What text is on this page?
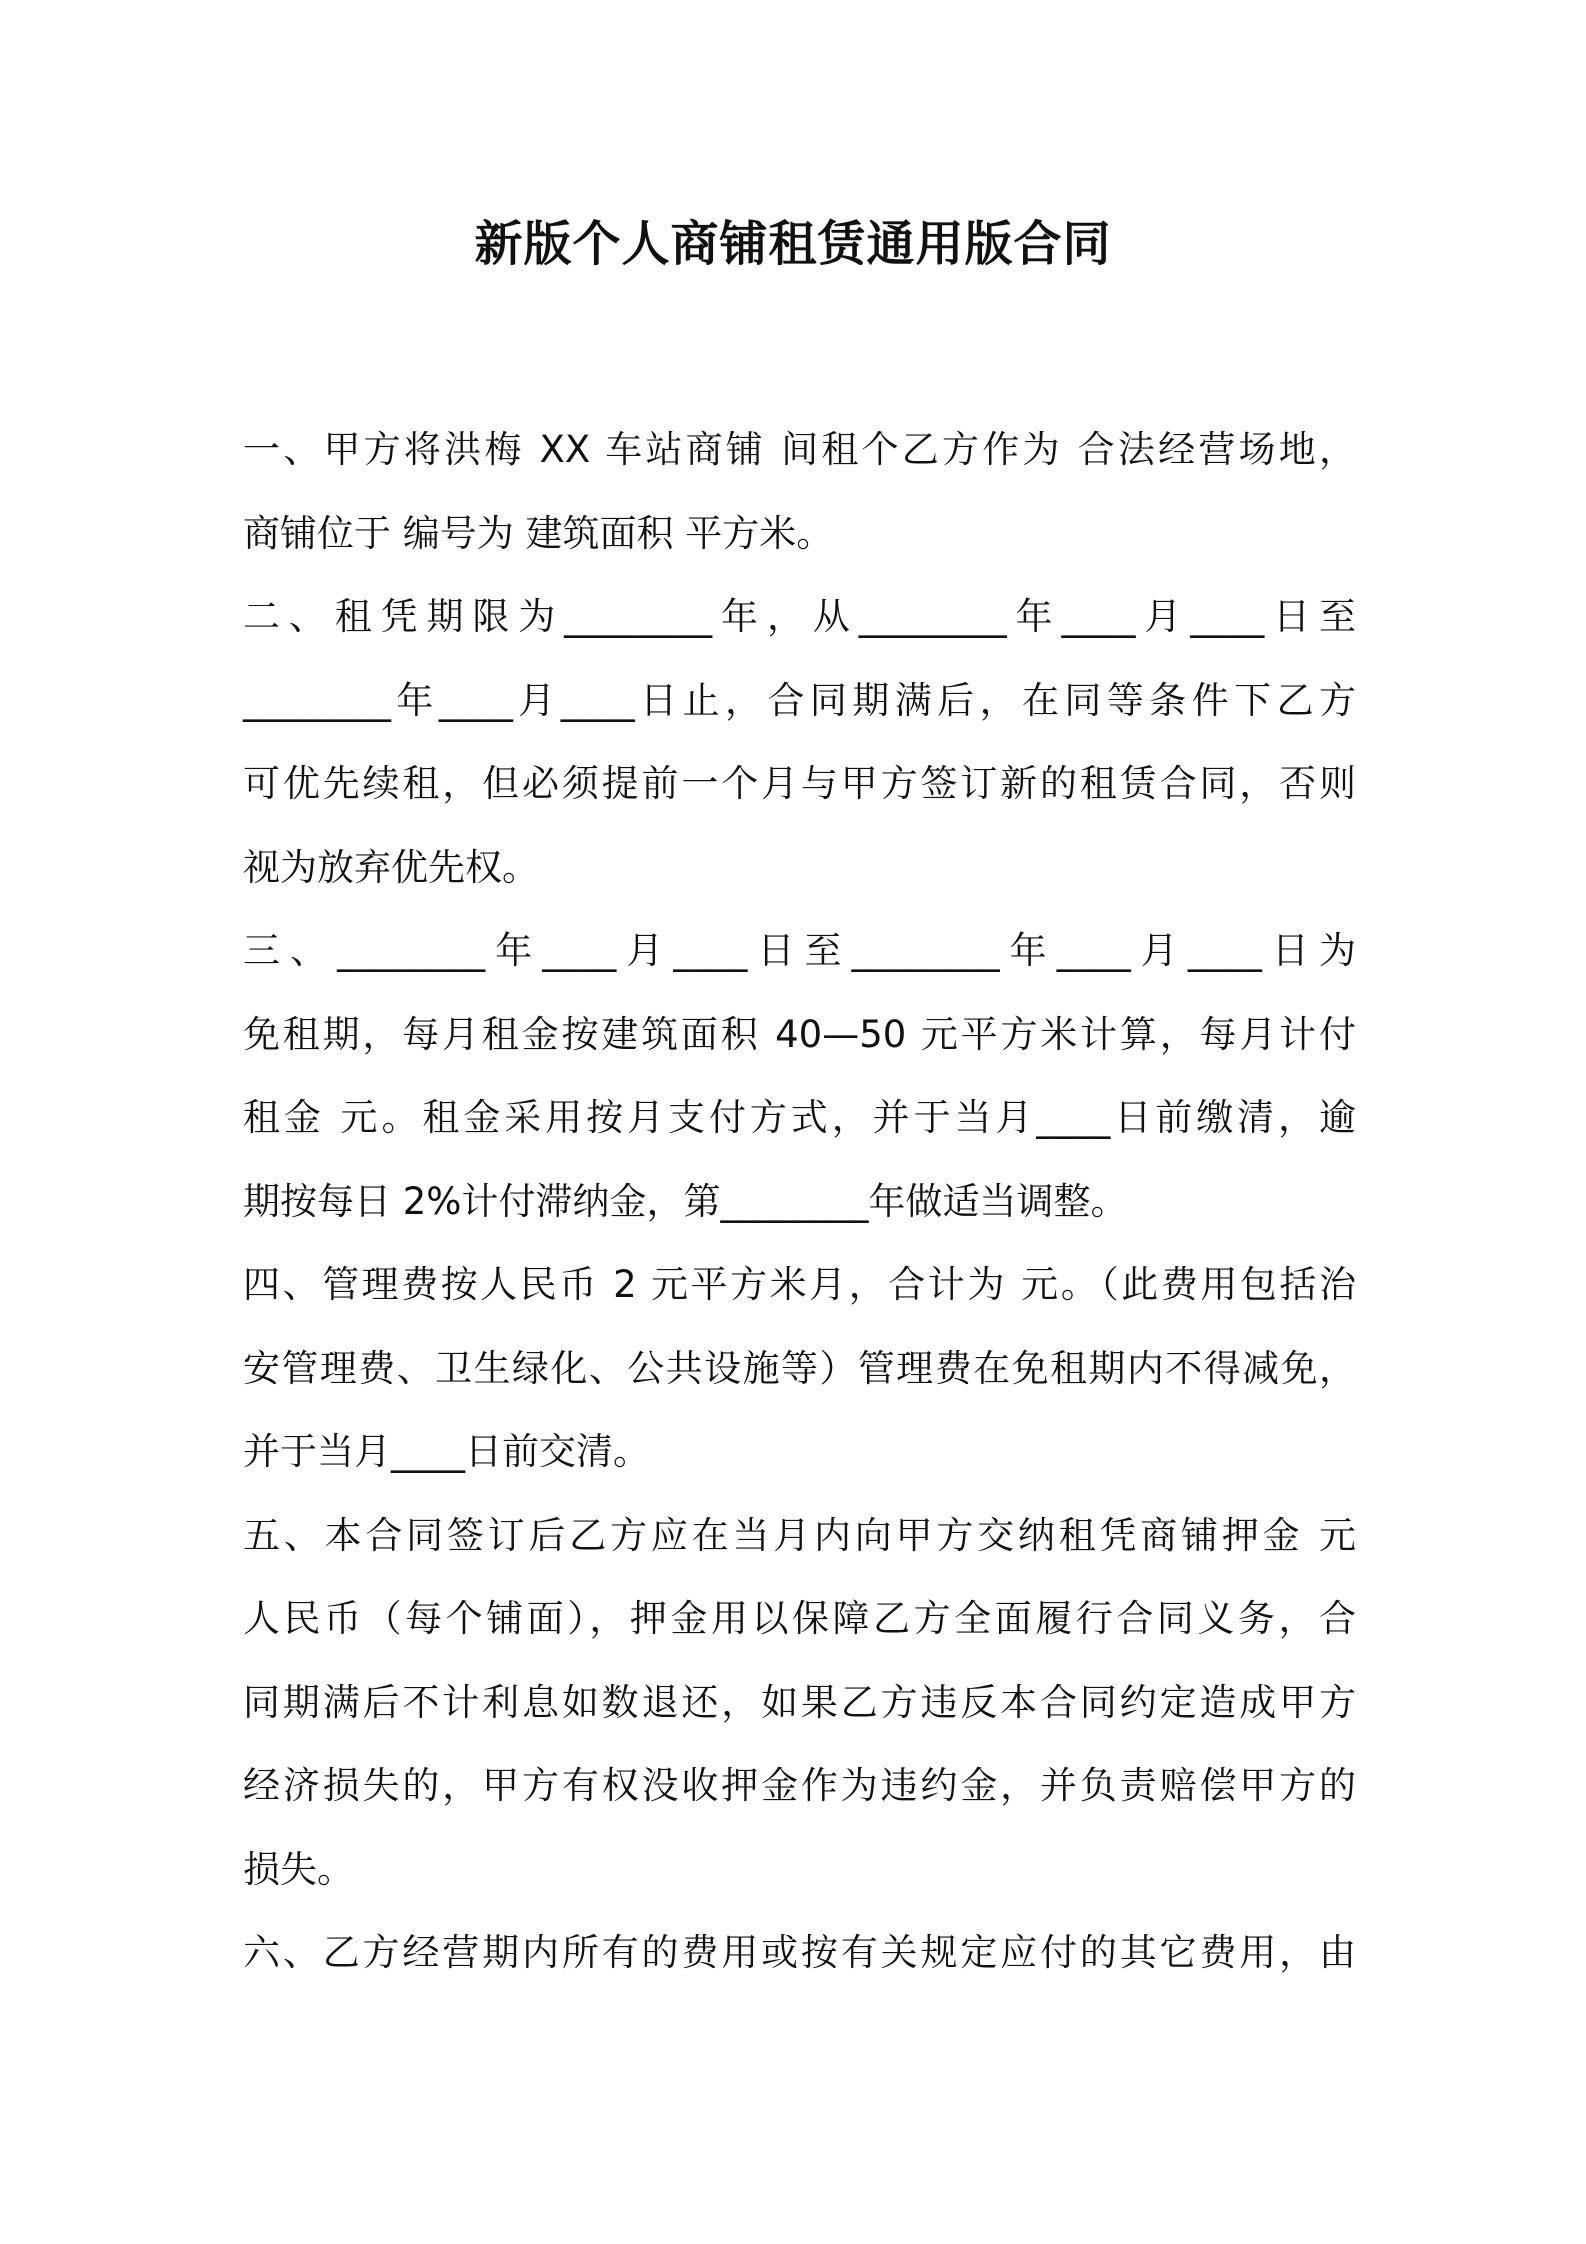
新版个人商铺租赁通用版合同
一、甲方将洪梅 XX 车站商铺 间租个乙方作为 合法经营场地，
商铺位于 编号为 建筑面积 平方米。
二、租凭期限为________年，从________年____月____日至
________年____月____日止，合同期满后，在同等条件下乙方
可优先续租，但必须提前一个月与甲方签订新的租赁合同，否则
视为放弃优先权。
三、________年____月____日至________年____月____日为
免租期，每月租金按建筑面积 40—50 元平方米计算，每月计付
租金 元。租金采用按月支付方式，并于当月____日前缴清，逾
期按每日 2%计付滞纳金，第________年做适当调整。
四、管理费按人民币 2 元平方米月，合计为 元。（此费用包括治
安管理费、卫生绿化、公共设施等）管理费在免租期内不得减免，
并于当月____日前交清。
五、本合同签订后乙方应在当月内向甲方交纳租凭商铺押金 元
人民币（每个铺面），押金用以保障乙方全面履行合同义务，合
同期满后不计利息如数退还，如果乙方违反本合同约定造成甲方
经济损失的，甲方有权没收押金作为违约金，并负责赔偿甲方的
损失。
六、乙方经营期内所有的费用或按有关规定应付的其它费用，由
